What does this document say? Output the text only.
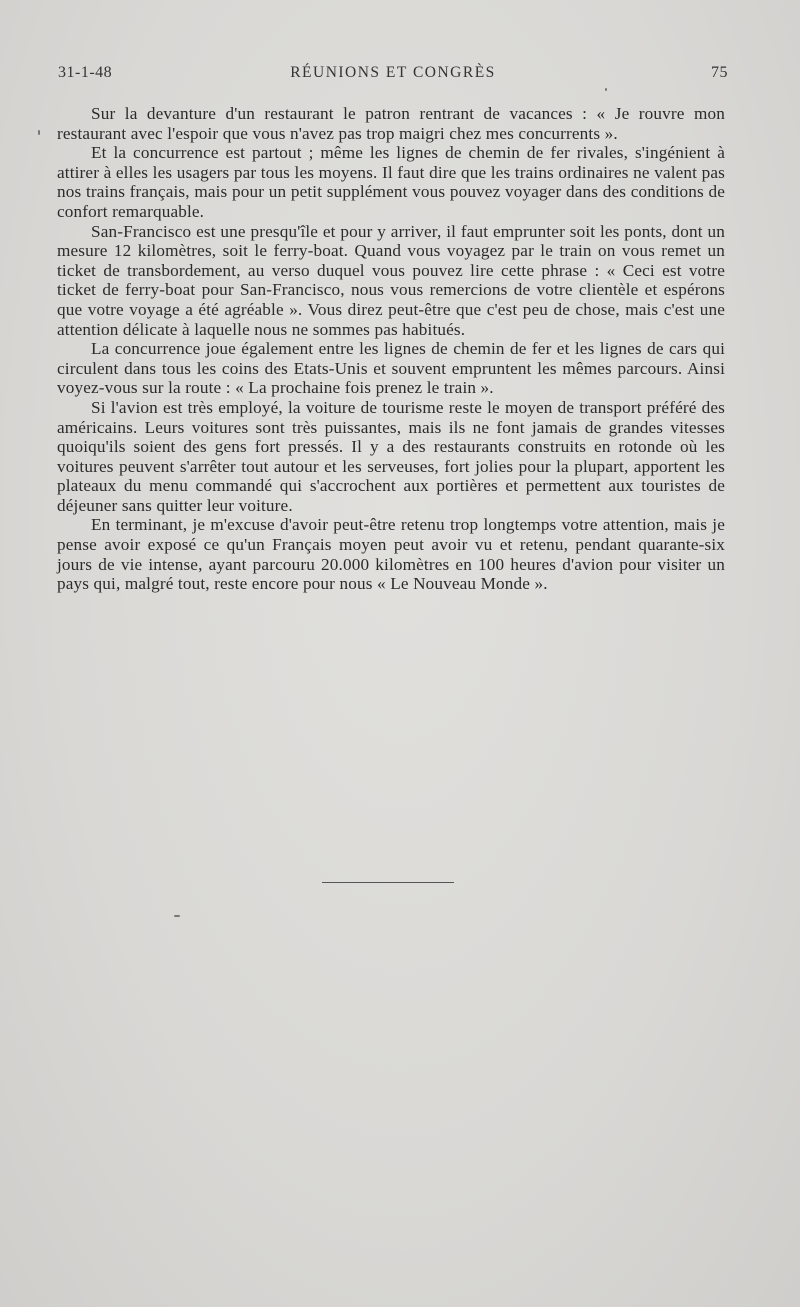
31-1-48	RÉUNIONS ET CONGRÈS	75

Sur la devanture d'un restaurant le patron rentrant de vacances : « Je rouvre mon restaurant avec l'espoir que vous n'avez pas trop maigri chez mes concurrents ».

Et la concurrence est partout ; même les lignes de chemin de fer rivales, s'ingénient à attirer à elles les usagers par tous les moyens. Il faut dire que les trains ordinaires ne valent pas nos trains français, mais pour un petit supplément vous pouvez voyager dans des conditions de confort remarquable.

San-Francisco est une presqu'île et pour y arriver, il faut emprunter soit les ponts, dont un mesure 12 kilomètres, soit le ferry-boat. Quand vous voyagez par le train on vous remet un ticket de transbordement, au verso duquel vous pouvez lire cette phrase : « Ceci est votre ticket de ferry-boat pour San-Francisco, nous vous remercions de votre clientèle et espérons que votre voyage a été agréable ». Vous direz peut-être que c'est peu de chose, mais c'est une attention délicate à laquelle nous ne sommes pas habitués.

La concurrence joue également entre les lignes de chemin de fer et les lignes de cars qui circulent dans tous les coins des Etats-Unis et souvent empruntent les mêmes parcours. Ainsi voyez-vous sur la route : « La prochaine fois prenez le train ».

Si l'avion est très employé, la voiture de tourisme reste le moyen de transport préféré des américains. Leurs voitures sont très puissantes, mais ils ne font jamais de grandes vitesses quoiqu'ils soient des gens fort pressés. Il y a des restaurants construits en rotonde où les voitures peuvent s'arrêter tout autour et les serveuses, fort jolies pour la plupart, apportent les plateaux du menu commandé qui s'accrochent aux portières et permettent aux touristes de déjeuner sans quitter leur voiture.

En terminant, je m'excuse d'avoir peut-être retenu trop longtemps votre attention, mais je pense avoir exposé ce qu'un Français moyen peut avoir vu et retenu, pendant quarante-six jours de vie intense, ayant parcouru 20.000 kilomètres en 100 heures d'avion pour visiter un pays qui, malgré tout, reste encore pour nous « Le Nouveau Monde ».
